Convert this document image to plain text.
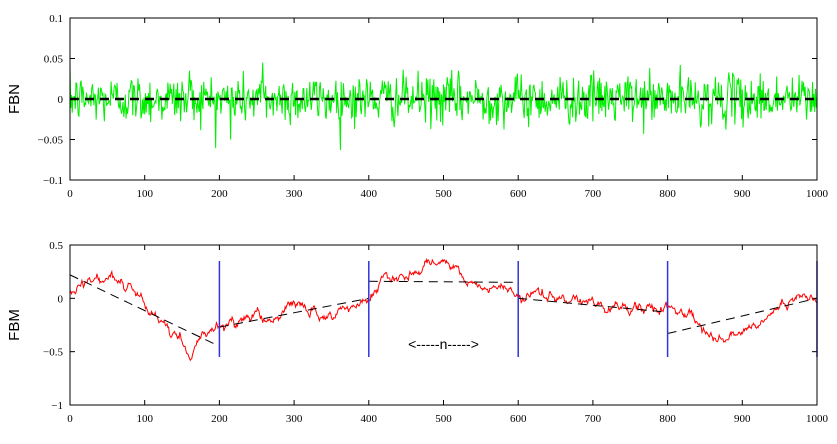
0	100	200	300	400	500	600	700	800	900	1000
−0.1
−0.05
0
0.05
0.1
FBN
0	100	200	300	400	500	600	700	800	900	1000
−1
−0.5
0
0.5
FBM
<-----n----->
